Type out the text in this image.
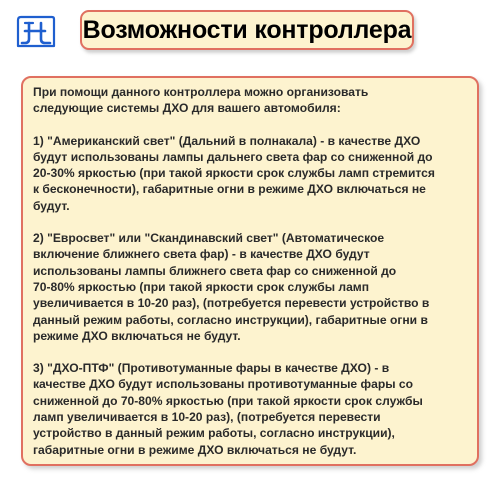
Возможности контроллера

При помощи данного контроллера можно организовать
следующие системы ДХО для вашего автомобиля:

1) "Американский свет" (Дальний в полнакала) - в качестве ДХО
будут использованы лампы дальнего света фар со сниженной до
20-30% яркостью (при такой яркости срок службы ламп стремится
к бесконечности), габаритные огни в режиме ДХО включаться не
будут.

2) "Евросвет" или "Скандинавский свет" (Автоматическое
включение ближнего света фар) - в качестве ДХО будут
использованы лампы ближнего света фар со сниженной до
70-80% яркостью (при такой яркости срок службы ламп
увеличивается в 10-20 раз), (потребуется перевести устройство в
данный режим работы, согласно инструкции), габаритные огни в
режиме ДХО включаться не будут.

3) "ДХО-ПТФ" (Противотуманные фары в качестве ДХО) - в
качестве ДХО будут использованы противотуманные фары со
сниженной до 70-80% яркостью (при такой яркости срок службы
ламп увеличивается в 10-20 раз), (потребуется перевести
устройство в данный режим работы, согласно инструкции),
габаритные огни в режиме ДХО включаться не будут.
